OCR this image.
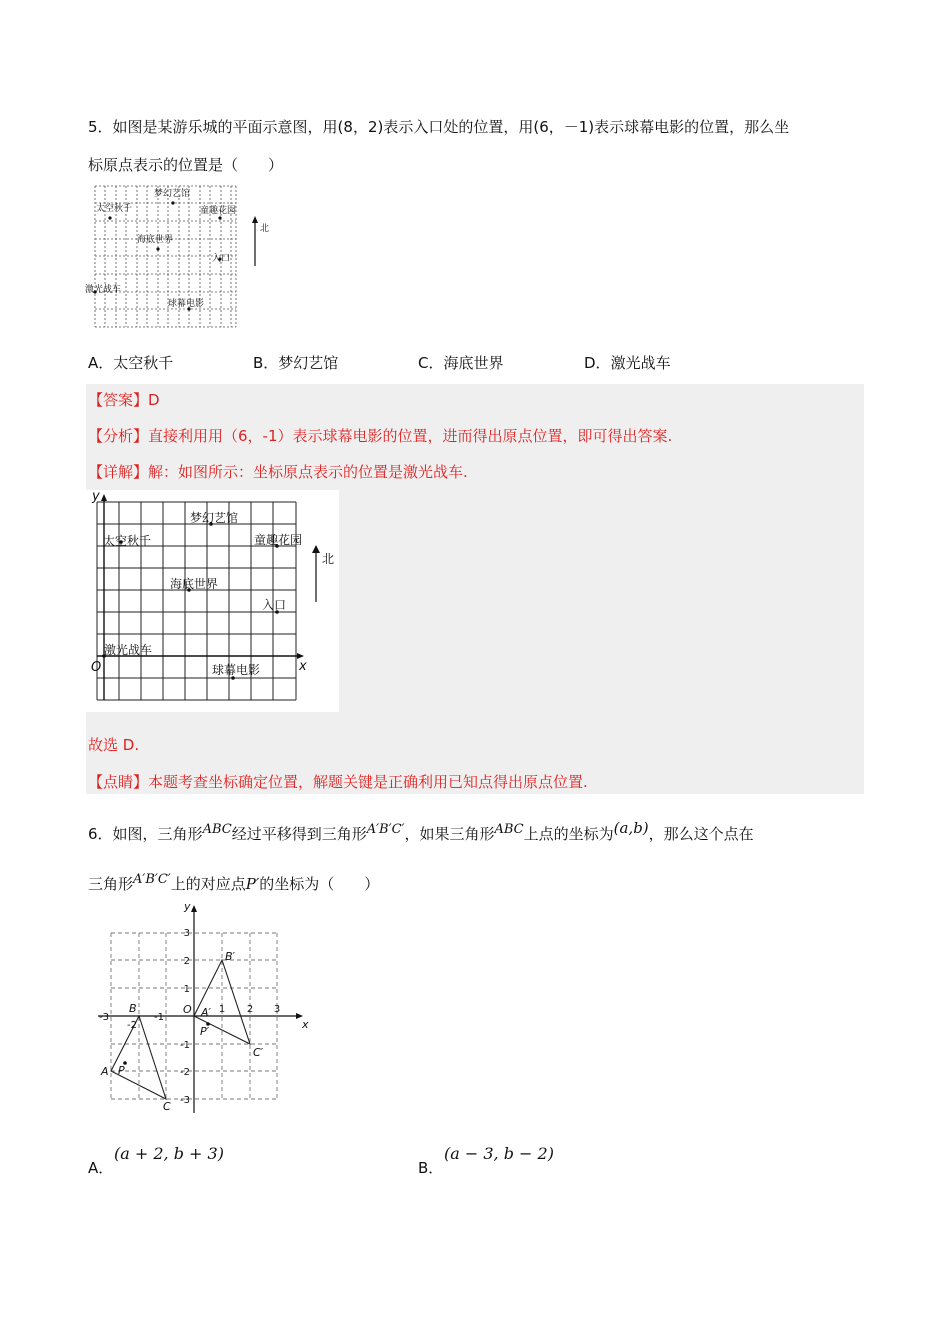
5．如图是某游乐城的平面示意图，用(8，2)表示入口处的位置，用(6，－1)表示球幕电影的位置，那么坐
标原点表示的位置是（　　）
梦幻艺馆
太空秋千	童趣花园
海底世界
入口
激光战车
球幕电影
北
A．太空秋千	B．梦幻艺馆	C．海底世界	D．激光战车
【答案】D
【分析】直接利用用（6，-1）表示球幕电影的位置，进而得出原点位置，即可得出答案.
【详解】解：如图所示：坐标原点表示的位置是激光战车.
梦幻艺馆
太空秋千	童趣花园
海底世界
入口
激光战车
球幕电影
北
y
x
O
故选 D.
【点睛】本题考查坐标确定位置，解题关键是正确利用已知点得出原点位置.
6．如图，三角形$^{ABC}$经过平移得到三角形$^{A'B'C'}$，如果三角形$^{ABC}$上点的坐标为$^{(a,b)}$，那么这个点在
三角形$^{A'B'C'}$上的对应点P′的坐标为（　　）
-3
-2
-1
1 2 3
3
2
1
-1
-2
-3
x
y
O
A
B
C
P
A′
B′
C′
P′
A．
(a + 2, b + 3)
B．
(a − 3, b − 2)
